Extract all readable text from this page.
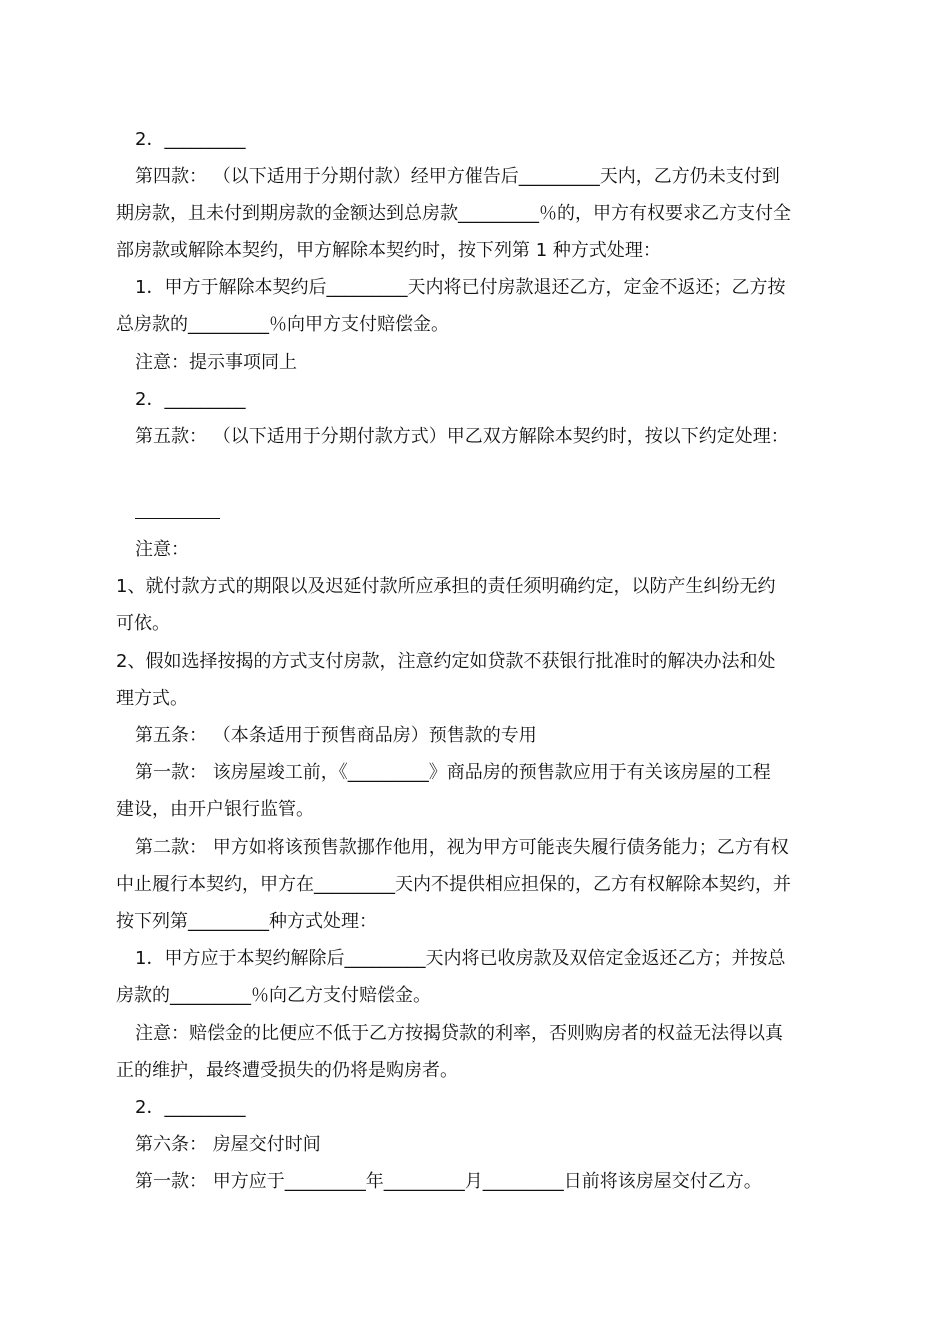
2．_________
第四款： （以下适用于分期付款）经甲方催告后_________天内，乙方仍未支付到
期房款，且未付到期房款的金额达到总房款_________％的，甲方有权要求乙方支付全
部房款或解除本契约，甲方解除本契约时，按下列第 1 种方式处理：
1．甲方于解除本契约后_________天内将已付房款退还乙方，定金不返还；乙方按
总房款的_________％向甲方支付赔偿金。
注意：提示事项同上
2．_________
第五款： （以下适用于分期付款方式）甲乙双方解除本契约时，按以下约定处理：
注意：
1、就付款方式的期限以及迟延付款所应承担的责任须明确约定，以防产生纠纷无约
可依。
2、假如选择按揭的方式支付房款，注意约定如贷款不获银行批准时的解决办法和处
理方式。
第五条： （本条适用于预售商品房）预售款的专用
第一款： 该房屋竣工前，《_________》商品房的预售款应用于有关该房屋的工程
建设，由开户银行监管。
第二款： 甲方如将该预售款挪作他用，视为甲方可能丧失履行债务能力；乙方有权
中止履行本契约，甲方在_________天内不提供相应担保的，乙方有权解除本契约，并
按下列第_________种方式处理：
1．甲方应于本契约解除后_________天内将已收房款及双倍定金返还乙方；并按总
房款的_________％向乙方支付赔偿金。
注意：赔偿金的比便应不低于乙方按揭贷款的利率，否则购房者的权益无法得以真
正的维护，最终遭受损失的仍将是购房者。
2．_________
第六条： 房屋交付时间
第一款： 甲方应于_________年_________月_________日前将该房屋交付乙方。
